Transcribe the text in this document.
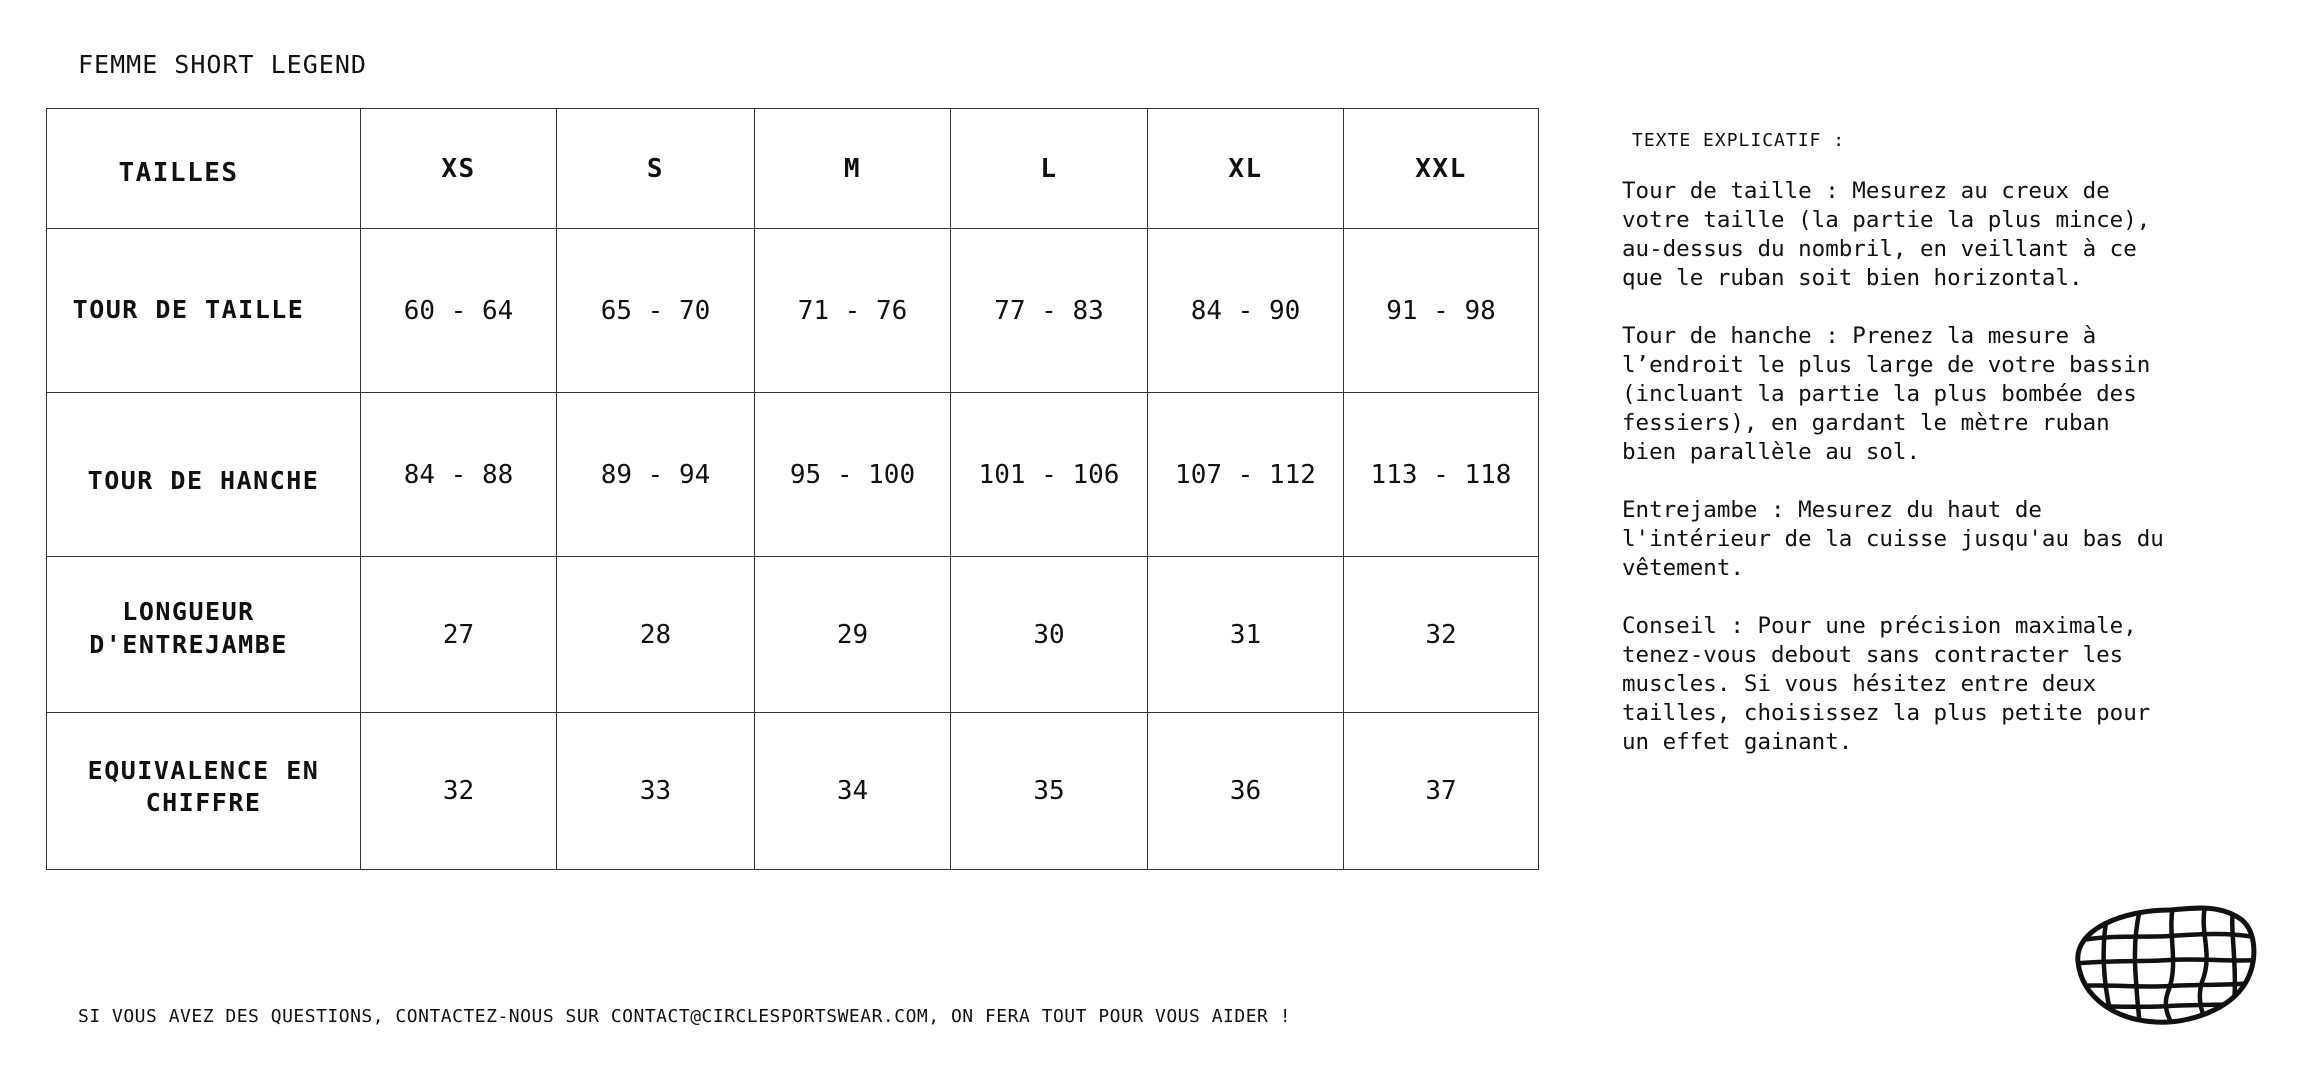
FEMME SHORT LEGEND
TAILLES	XS	S	M	L	XL	XXL
TOUR DE TAILLE	60 - 64	65 - 70	71 - 76	77 - 83	84 - 90	91 - 98
TOUR DE HANCHE	84 - 88	89 - 94	95 - 100	101 - 106	107 - 112	113 - 118
LONGUEUR
D'ENTREJAMBE	27	28	29	30	31	32
EQUIVALENCE EN
CHIFFRE	32	33	34	35	36	37
TEXTE EXPLICATIF :
Tour de taille : Mesurez au creux de
votre taille (la partie la plus mince),
au-dessus du nombril, en veillant à ce
que le ruban soit bien horizontal.
Tour de hanche : Prenez la mesure à
l’endroit le plus large de votre bassin
(incluant la partie la plus bombée des
fessiers), en gardant le mètre ruban
bien parallèle au sol.
Entrejambe : Mesurez du haut de
l'intérieur de la cuisse jusqu'au bas du
vêtement.
Conseil : Pour une précision maximale,
tenez-vous debout sans contracter les
muscles. Si vous hésitez entre deux
tailles, choisissez la plus petite pour
un effet gainant.
SI VOUS AVEZ DES QUESTIONS, CONTACTEZ-NOUS SUR CONTACT@CIRCLESPORTSWEAR.COM, ON FERA TOUT POUR VOUS AIDER !
